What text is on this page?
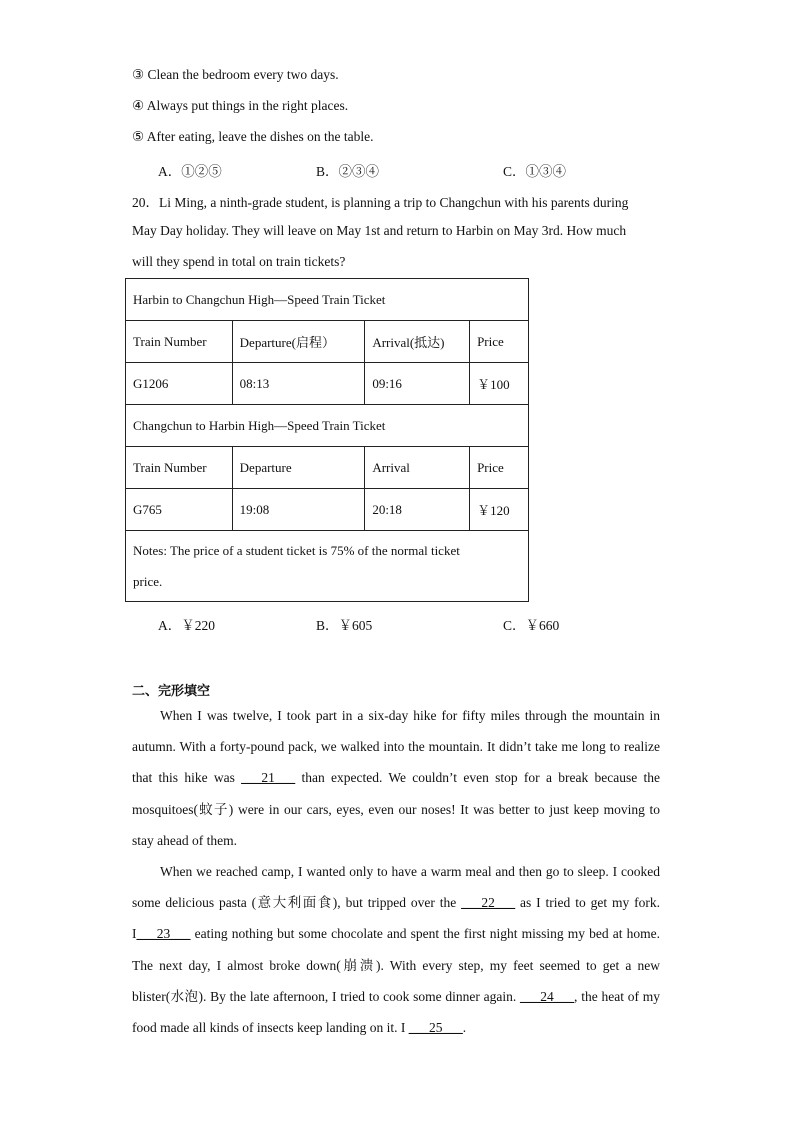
③ Clean the bedroom every two days.
④ Always put things in the right places.
⑤ After eating, leave the dishes on the table.
A．①②⑤	B．②③④	C．①③④
20．Li Ming, a ninth-grade student, is planning a trip to Changchun with his parents during
May Day holiday. They will leave on May 1st and return to Harbin on May 3rd. How much
will they spend in total on train tickets?
Harbin to Changchun High—Speed Train Ticket			
Train Number	Departure(启程）	Arrival(抵达)	Price
G1206	08:13	09:16	￥100
Changchun to Harbin High—Speed Train Ticket			
Train Number	Departure	Arrival	Price
G765	19:08	20:18	￥120
Notes: The price of a student ticket is 75% of the normal ticket
price.			
A．￥220	B．￥605	C．￥660
二、完形填空
When I was twelve, I took part in a six-day hike for fifty miles through the mountain in autumn. With a forty-pound pack, we walked into the mountain. It didn’t take me long to realize that this hike was ___21___ than expected. We couldn’t even stop for a break because the mosquitoes(蚊子) were in our cars, eyes, even our noses! It was better to just keep moving to stay ahead of them.
When we reached camp, I wanted only to have a warm meal and then go to sleep. I cooked some delicious pasta (意大利面食), but tripped over the ___22___ as I tried to get my fork. I___23___ eating nothing but some chocolate and spent the first night missing my bed at home. The next day, I almost broke down(崩溃). With every step, my feet seemed to get a new blister(水泡). By the late afternoon, I tried to cook some dinner again. ___24___, the heat of my food made all kinds of insects keep landing on it. I ___25___.
